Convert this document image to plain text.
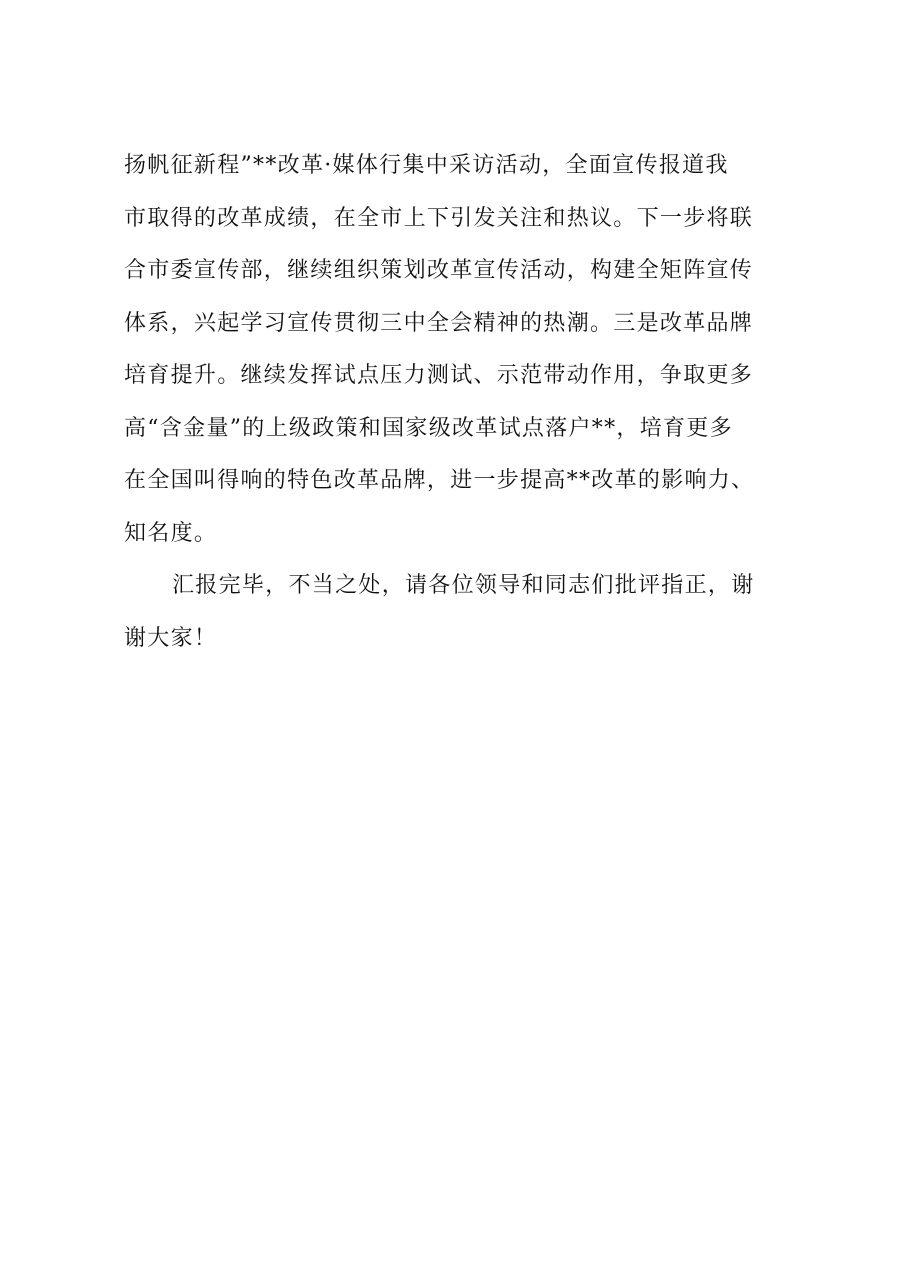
扬帆征新程”**改革·媒体行集中采访活动，全面宣传报道我
市取得的改革成绩，在全市上下引发关注和热议。下一步将联
合市委宣传部，继续组织策划改革宣传活动，构建全矩阵宣传
体系，兴起学习宣传贯彻三中全会精神的热潮。三是改革品牌
培育提升。继续发挥试点压力测试、示范带动作用，争取更多
高“含金量”的上级政策和国家级改革试点落户**，培育更多
在全国叫得响的特色改革品牌，进一步提高**改革的影响力、
知名度。
汇报完毕，不当之处，请各位领导和同志们批评指正，谢
谢大家！
